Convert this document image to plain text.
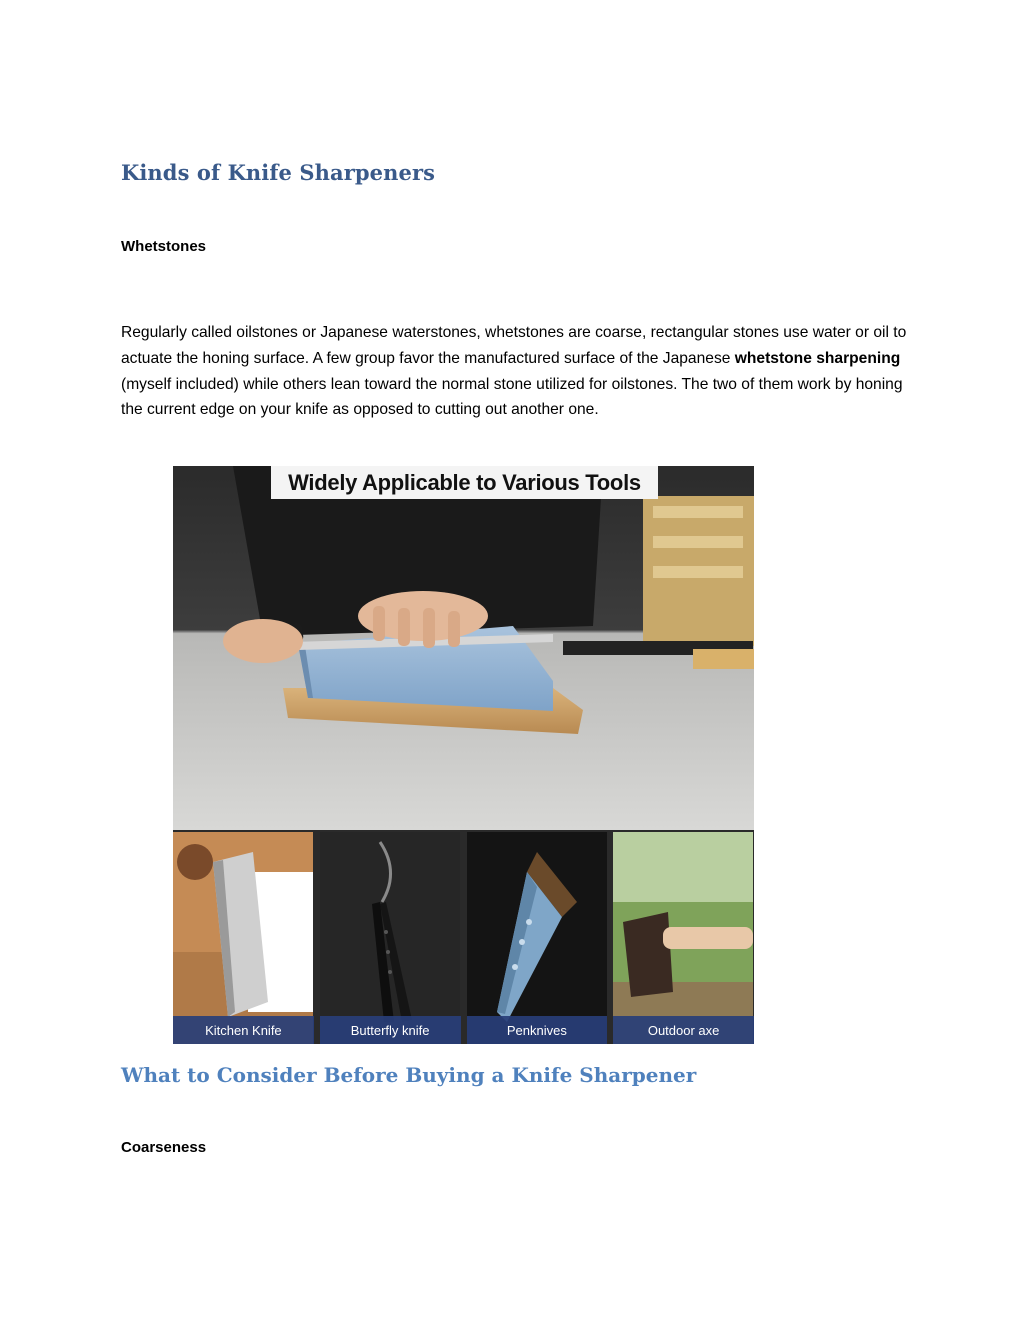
Kinds of Knife Sharpeners

Whetstones

Regularly called oilstones or Japanese waterstones, whetstones are coarse, rectangular stones use water or oil to actuate the honing surface. A few group favor the manufactured surface of the Japanese whetstone sharpening (myself included) while others lean toward the normal stone utilized for oilstones. The two of them work by honing the current edge on your knife as opposed to cutting out another one.

Widely Applicable to Various Tools
Kitchen Knife	Butterfly knife	Penknives	Outdoor axe
What to Consider Before Buying a Knife Sharpener

Coarseness
